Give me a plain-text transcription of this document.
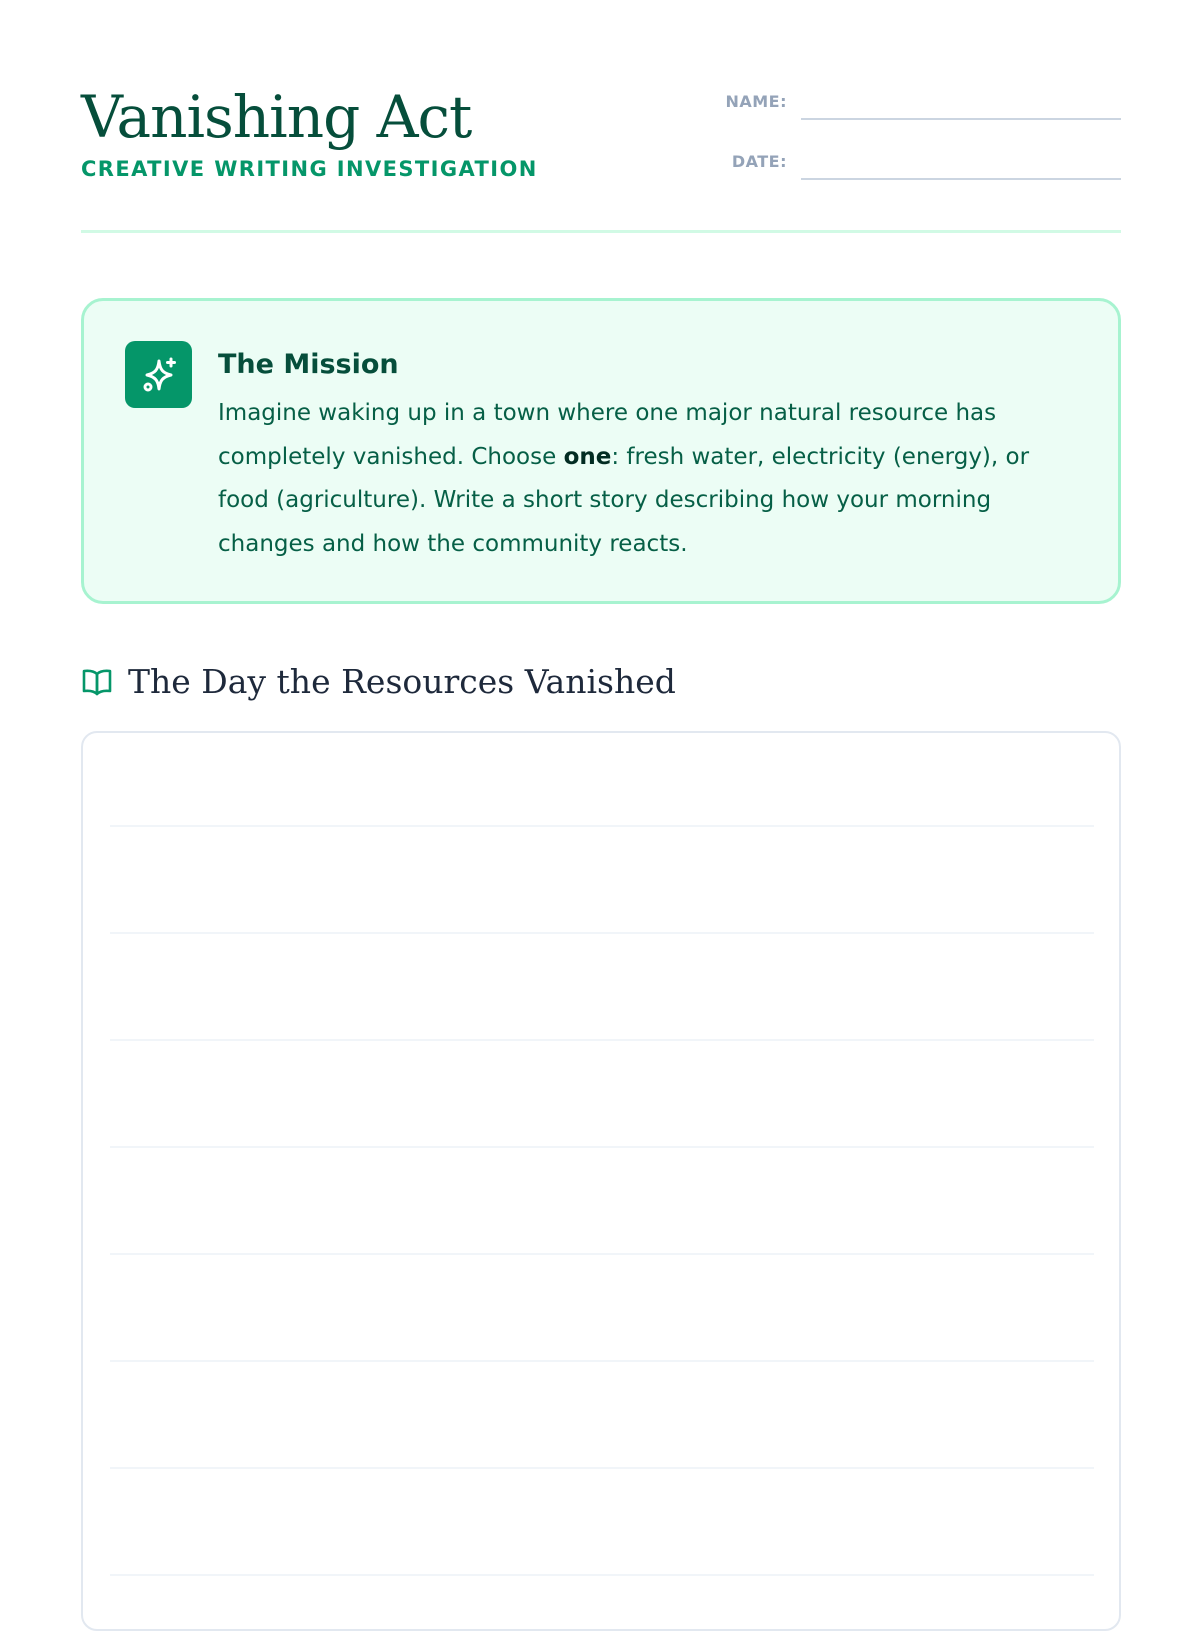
Vanishing Act
CREATIVE WRITING INVESTIGATION
NAME:
DATE:
The Mission

Imagine waking up in a town where one major natural resource has completely vanished. Choose one: fresh water, electricity (energy), or food (agriculture). Write a short story describing how your morning changes and how the community reacts.

The Day the Resources Vanished
